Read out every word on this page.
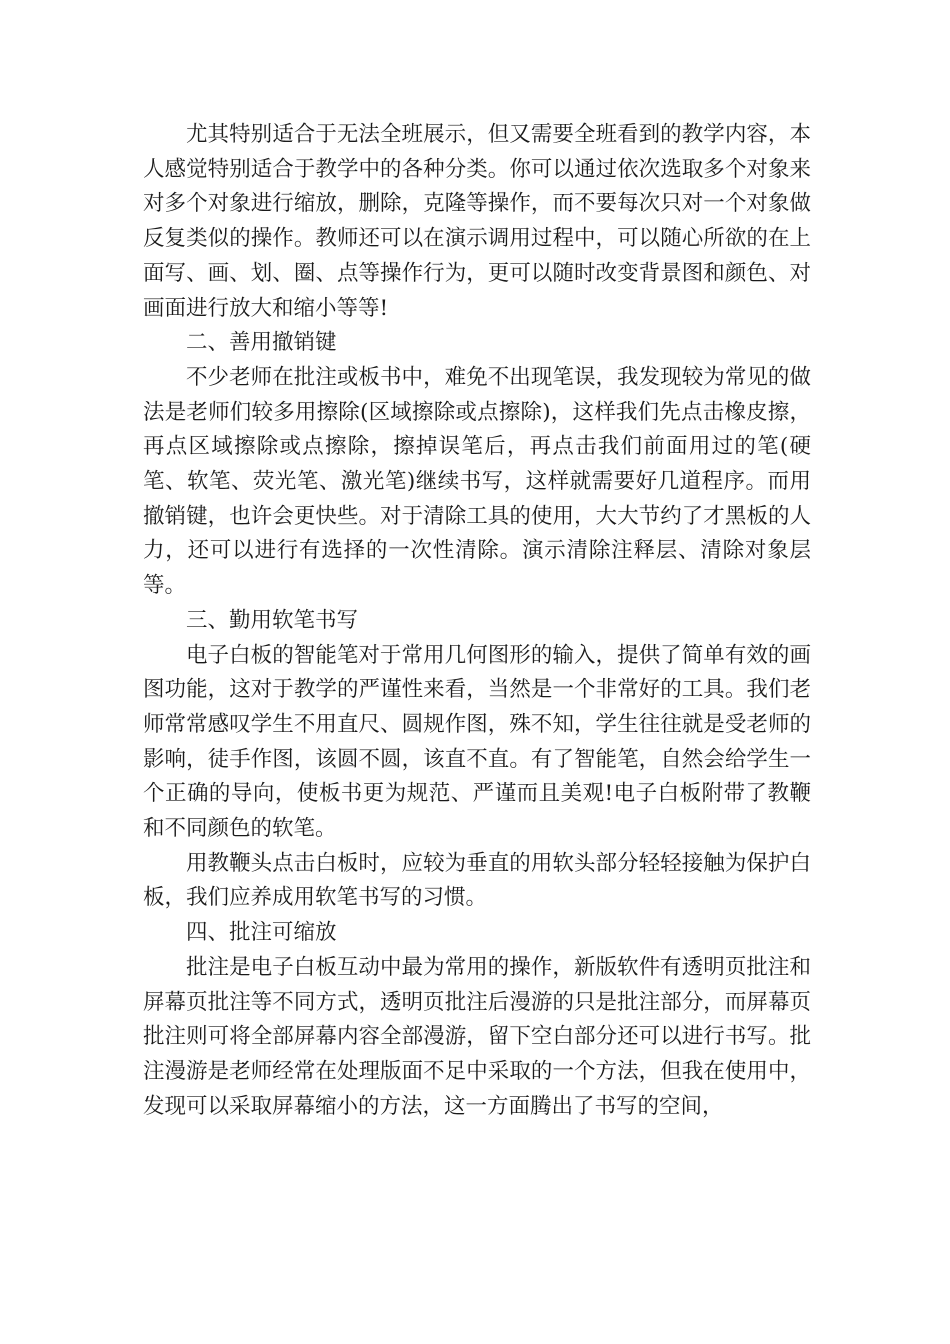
尤其特别适合于无法全班展示，但又需要全班看到的教学内容，本人感觉特别适合于教学中的各种分类。你可以通过依次选取多个对象来对多个对象进行缩放，删除，克隆等操作，而不要每次只对一个对象做反复类似的操作。教师还可以在演示调用过程中，可以随心所欲的在上面写、画、划、圈、点等操作行为，更可以随时改变背景图和颜色、对画面进行放大和缩小等等!

二、善用撤销键

不少老师在批注或板书中，难免不出现笔误，我发现较为常见的做法是老师们较多用擦除(区域擦除或点擦除)，这样我们先点击橡皮擦，再点区域擦除或点擦除，擦掉误笔后，再点击我们前面用过的笔(硬笔、软笔、荧光笔、激光笔)继续书写，这样就需要好几道程序。而用撤销键，也许会更快些。对于清除工具的使用，大大节约了才黑板的人力，还可以进行有选择的一次性清除。演示清除注释层、清除对象层等。

三、勤用软笔书写

电子白板的智能笔对于常用几何图形的输入，提供了简单有效的画图功能，这对于教学的严谨性来看，当然是一个非常好的工具。我们老师常常感叹学生不用直尺、圆规作图，殊不知，学生往往就是受老师的影响，徒手作图，该圆不圆，该直不直。有了智能笔，自然会给学生一个正确的导向，使板书更为规范、严谨而且美观!电子白板附带了教鞭和不同颜色的软笔。

用教鞭头点击白板时，应较为垂直的用软头部分轻轻接触为保护白板，我们应养成用软笔书写的习惯。

四、批注可缩放

批注是电子白板互动中最为常用的操作，新版软件有透明页批注和屏幕页批注等不同方式，透明页批注后漫游的只是批注部分，而屏幕页批注则可将全部屏幕内容全部漫游，留下空白部分还可以进行书写。批注漫游是老师经常在处理版面不足中采取的一个方法，但我在使用中，发现可以采取屏幕缩小的方法，这一方面腾出了书写的空间，
